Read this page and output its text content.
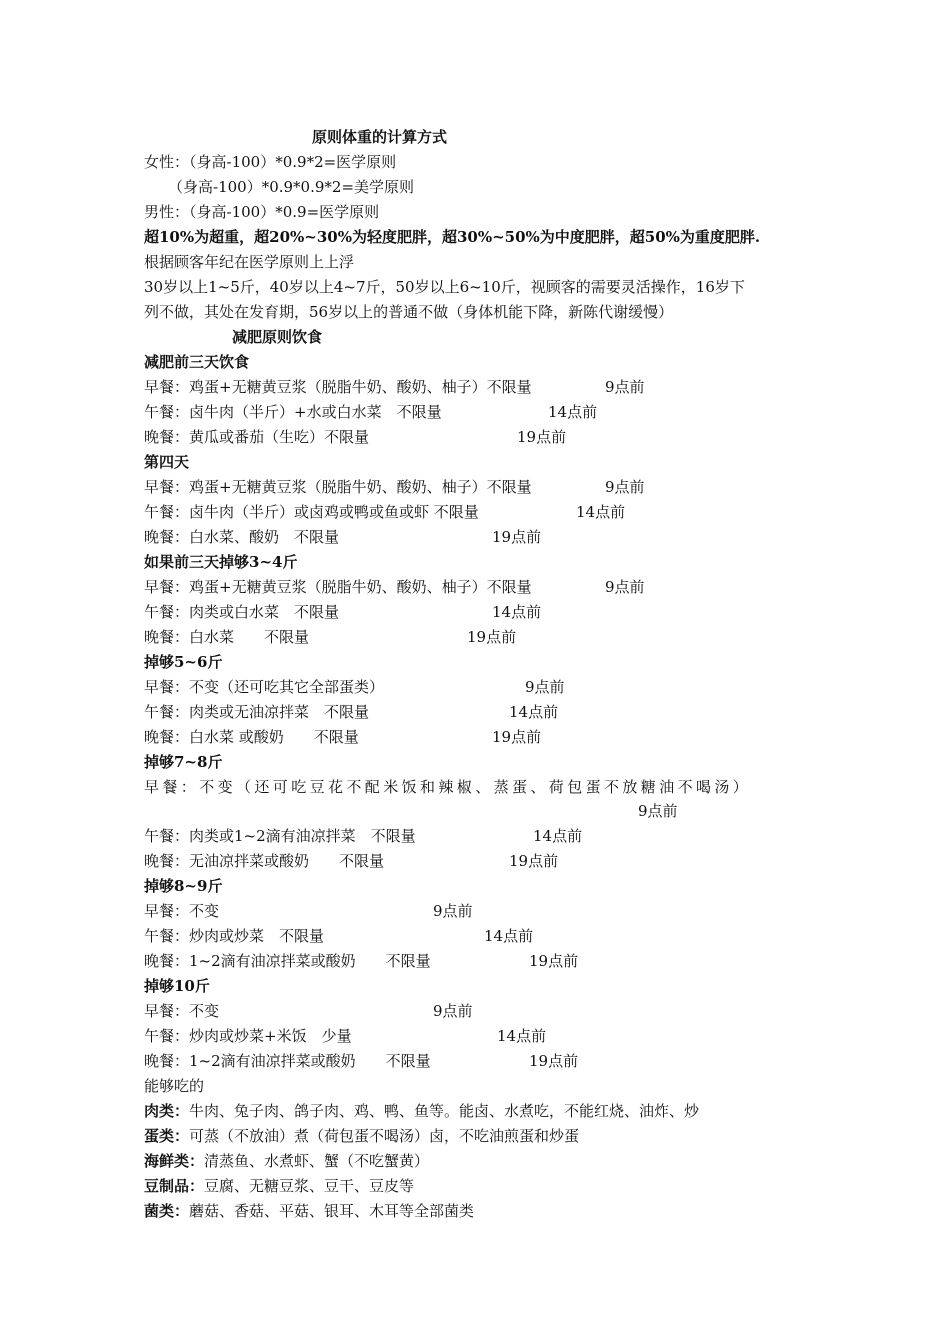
原则体重的计算方式
女性：（身高-100）*0.9*2=医学原则
（身高-100）*0.9*0.9*2=美学原则
男性：（身高-100）*0.9=医学原则
超10%为超重，超20%~30%为轻度肥胖，超30%~50%为中度肥胖，超50%为重度肥胖.
根据顾客年纪在医学原则上上浮
30岁以上1~5斤，40岁以上4~7斤，50岁以上6~10斤，视顾客的需要灵活操作，16岁下
列不做，其处在发育期，56岁以上的普通不做（身体机能下降，新陈代谢缓慢）
减肥原则饮食
减肥前三天饮食
早餐：鸡蛋+无糖黄豆浆（脱脂牛奶、酸奶、柚子）不限量	9点前
午餐：卤牛肉（半斤）+水或白水菜　不限量	14点前
晚餐：黄瓜或番茄（生吃）不限量	19点前
第四天
早餐：鸡蛋+无糖黄豆浆（脱脂牛奶、酸奶、柚子）不限量	9点前
午餐：卤牛肉（半斤）或卤鸡或鸭或鱼或虾 不限量	14点前
晚餐：白水菜、酸奶　不限量	19点前
如果前三天掉够3~4斤
早餐：鸡蛋+无糖黄豆浆（脱脂牛奶、酸奶、柚子）不限量	9点前
午餐：肉类或白水菜　不限量	14点前
晚餐：白水菜　　不限量	19点前
掉够5~6斤
早餐：不变（还可吃其它全部蛋类）	9点前
午餐：肉类或无油凉拌菜　不限量	14点前
晚餐：白水菜 或酸奶　　不限量	19点前
掉够7~8斤
早餐：不变（还可吃豆花不配米饭和辣椒、蒸蛋、荷包蛋不放糖油不喝汤）
9点前
午餐：肉类或1~2滴有油凉拌菜　不限量	14点前
晚餐：无油凉拌菜或酸奶　　不限量	19点前
掉够8~9斤
早餐：不变	9点前
午餐：炒肉或炒菜　不限量	14点前
晚餐：1~2滴有油凉拌菜或酸奶　　不限量	19点前
掉够10斤
早餐：不变	9点前
午餐：炒肉或炒菜+米饭　少量	14点前
晚餐：1~2滴有油凉拌菜或酸奶　　不限量	19点前
能够吃的
肉类：牛肉、兔子肉、鸽子肉、鸡、鸭、鱼等。能卤、水煮吃，不能红烧、油炸、炒
蛋类：可蒸（不放油）煮（荷包蛋不喝汤）卤，不吃油煎蛋和炒蛋
海鲜类：清蒸鱼、水煮虾、蟹（不吃蟹黄）
豆制品：豆腐、无糖豆浆、豆干、豆皮等
菌类：蘑菇、香菇、平菇、银耳、木耳等全部菌类
